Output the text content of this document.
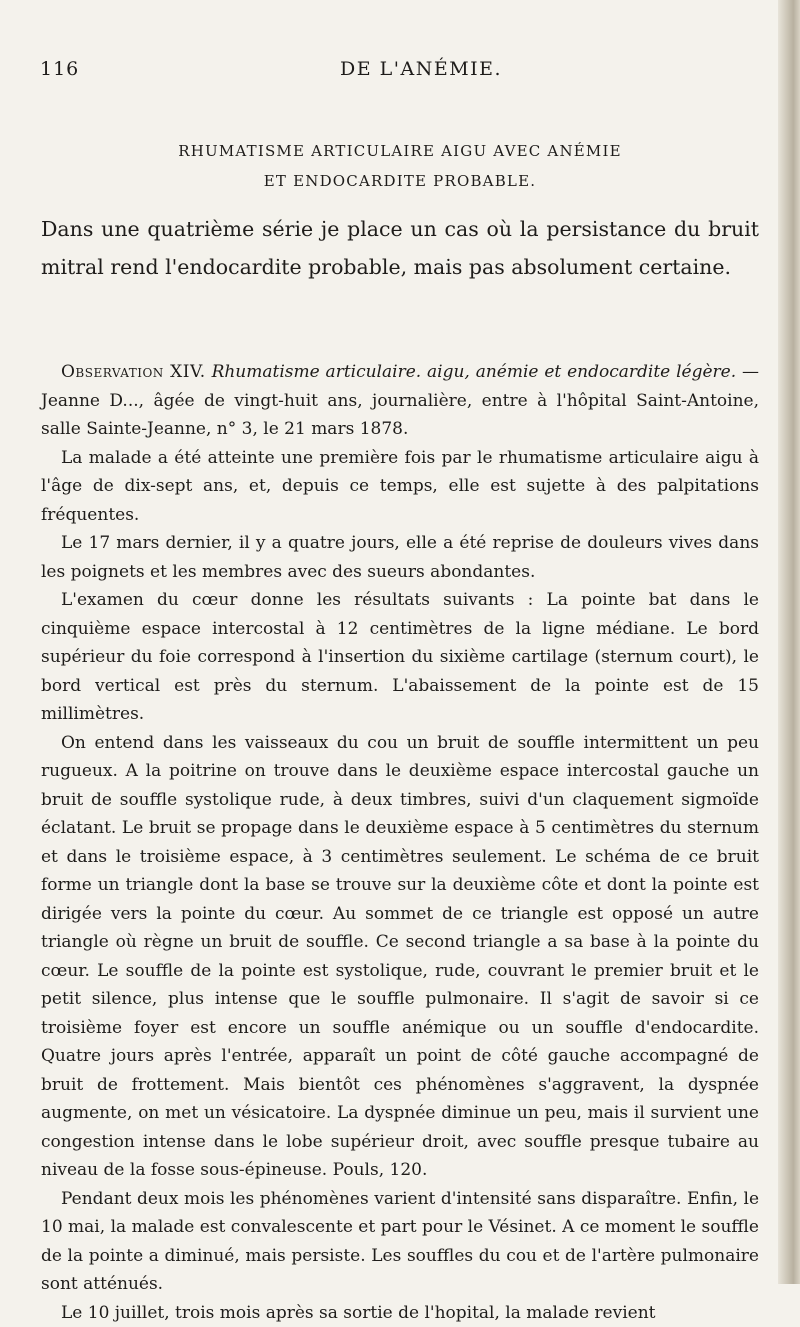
116	DE L'ANÉMIE.
RHUMATISME ARTICULAIRE AIGU AVEC ANÉMIE
ET ENDOCARDITE PROBABLE.
Dans une quatrième série je place un cas où la persistance du bruit mitral rend l'endocardite probable, mais pas absolument certaine.

Observation XIV. Rhumatisme articulaire. aigu, anémie et endocardite légère. —Jeanne D..., âgée de vingt-huit ans, journalière, entre à l'hôpital Saint-Antoine, salle Sainte-Jeanne, n° 3, le 21 mars 1878.

La malade a été atteinte une première fois par le rhumatisme articulaire aigu à l'âge de dix-sept ans, et, depuis ce temps, elle est sujette à des palpitations fréquentes.

Le 17 mars dernier, il y a quatre jours, elle a été reprise de douleurs vives dans les poignets et les membres avec des sueurs abondantes.

L'examen du cœur donne les résultats suivants : La pointe bat dans le cinquième espace intercostal à 12 centimètres de la ligne médiane. Le bord supérieur du foie correspond à l'insertion du sixième cartilage (sternum court), le bord vertical est près du sternum. L'abaissement de la pointe est de 15 millimètres.

On entend dans les vaisseaux du cou un bruit de souffle intermittent un peu rugueux. A la poitrine on trouve dans le deuxième espace intercostal gauche un bruit de souffle systolique rude, à deux timbres, suivi d'un claquement sigmoïde éclatant. Le bruit se propage dans le deuxième espace à 5 centimètres du sternum et dans le troisième espace, à 3 centimètres seulement. Le schéma de ce bruit forme un triangle dont la base se trouve sur la deuxième côte et dont la pointe est dirigée vers la pointe du cœur. Au sommet de ce triangle est opposé un autre triangle où règne un bruit de souffle. Ce second triangle a sa base à la pointe du cœur. Le souffle de la pointe est systolique, rude, couvrant le premier bruit et le petit silence, plus intense que le souffle pulmonaire. Il s'agit de savoir si ce troisième foyer est encore un souffle anémique ou un souffle d'endocardite. Quatre jours après l'entrée, apparaît un point de côté gauche accompagné de bruit de frottement. Mais bientôt ces phénomènes s'aggravent, la dyspnée augmente, on met un vésicatoire. La dyspnée diminue un peu, mais il survient une congestion intense dans le lobe supérieur droit, avec souffle presque tubaire au niveau de la fosse sous-épineuse. Pouls, 120.

Pendant deux mois les phénomènes varient d'intensité sans disparaître. Enfin, le 10 mai, la malade est convalescente et part pour le Vésinet. A ce moment le souffle de la pointe a diminué, mais persiste. Les souffles du cou et de l'artère pulmonaire sont atténués.

Le 10 juillet, trois mois après sa sortie de l'hopital, la malade revient
